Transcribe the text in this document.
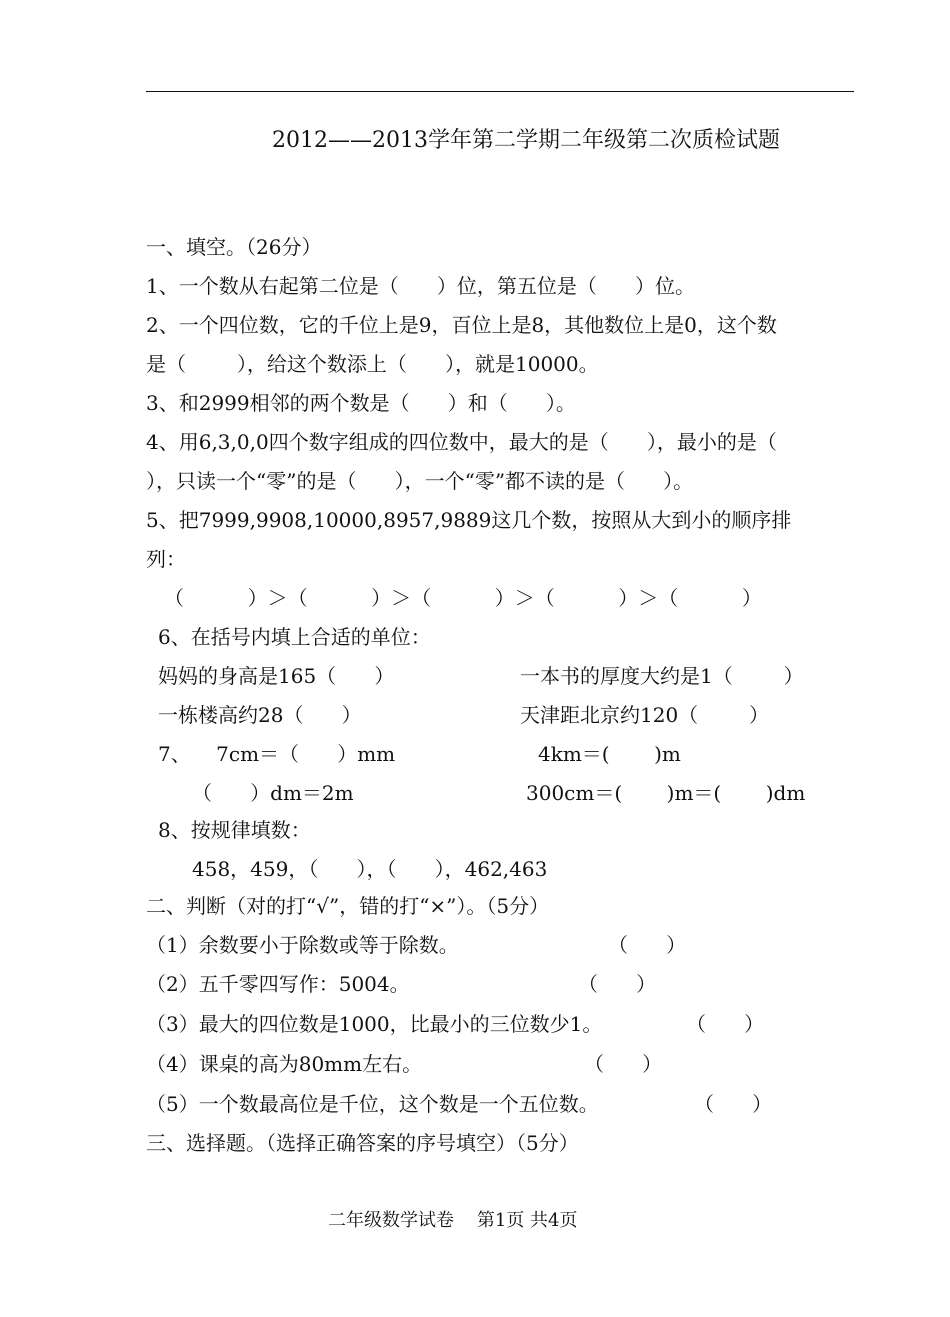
2012——2013学年第二学期二年级第二次质检试题
一、填空。（26分）
1、一个数从右起第二位是（      ）位，第五位是（      ）位。
2、一个四位数，它的千位上是9，百位上是8，其他数位上是0，这个数
是（        ），给这个数添上（      ），就是10000。
3、和2999相邻的两个数是（      ）和（      ）。
4、用6,3,0,0四个数字组成的四位数中，最大的是（      ），最小的是（
），只读一个“零”的是（      ），一个“零”都不读的是（      ）。
5、把7999,9908,10000,8957,9889这几个数，按照从大到小的顺序排
列：
（          ）＞（          ）＞（          ）＞（          ）＞（          ）
6、在括号内填上合适的单位：
妈妈的身高是165（      ）	一本书的厚度大约是1（        ）
一栋楼高约28（      ）	天津距北京约120（        ）
7、    7cm＝（      ）mm	4km＝(       )m
（      ）dm＝2m	300cm＝(       )m＝(       )dm
8、按规律填数：
458，459，（      ），（      ），462,463
二、判断（对的打“√”，错的打“×”）。（5分）
（1）余数要小于除数或等于除数。	（      ）
（2）五千零四写作：5004。	（      ）
（3）最大的四位数是1000，比最小的三位数少1。	（      ）
（4）课桌的高为80mm左右。	（      ）
（5）一个数最高位是千位，这个数是一个五位数。	（      ）
三、选择题。（选择正确答案的序号填空）（5分）
二年级数学试卷    第1页 共4页
